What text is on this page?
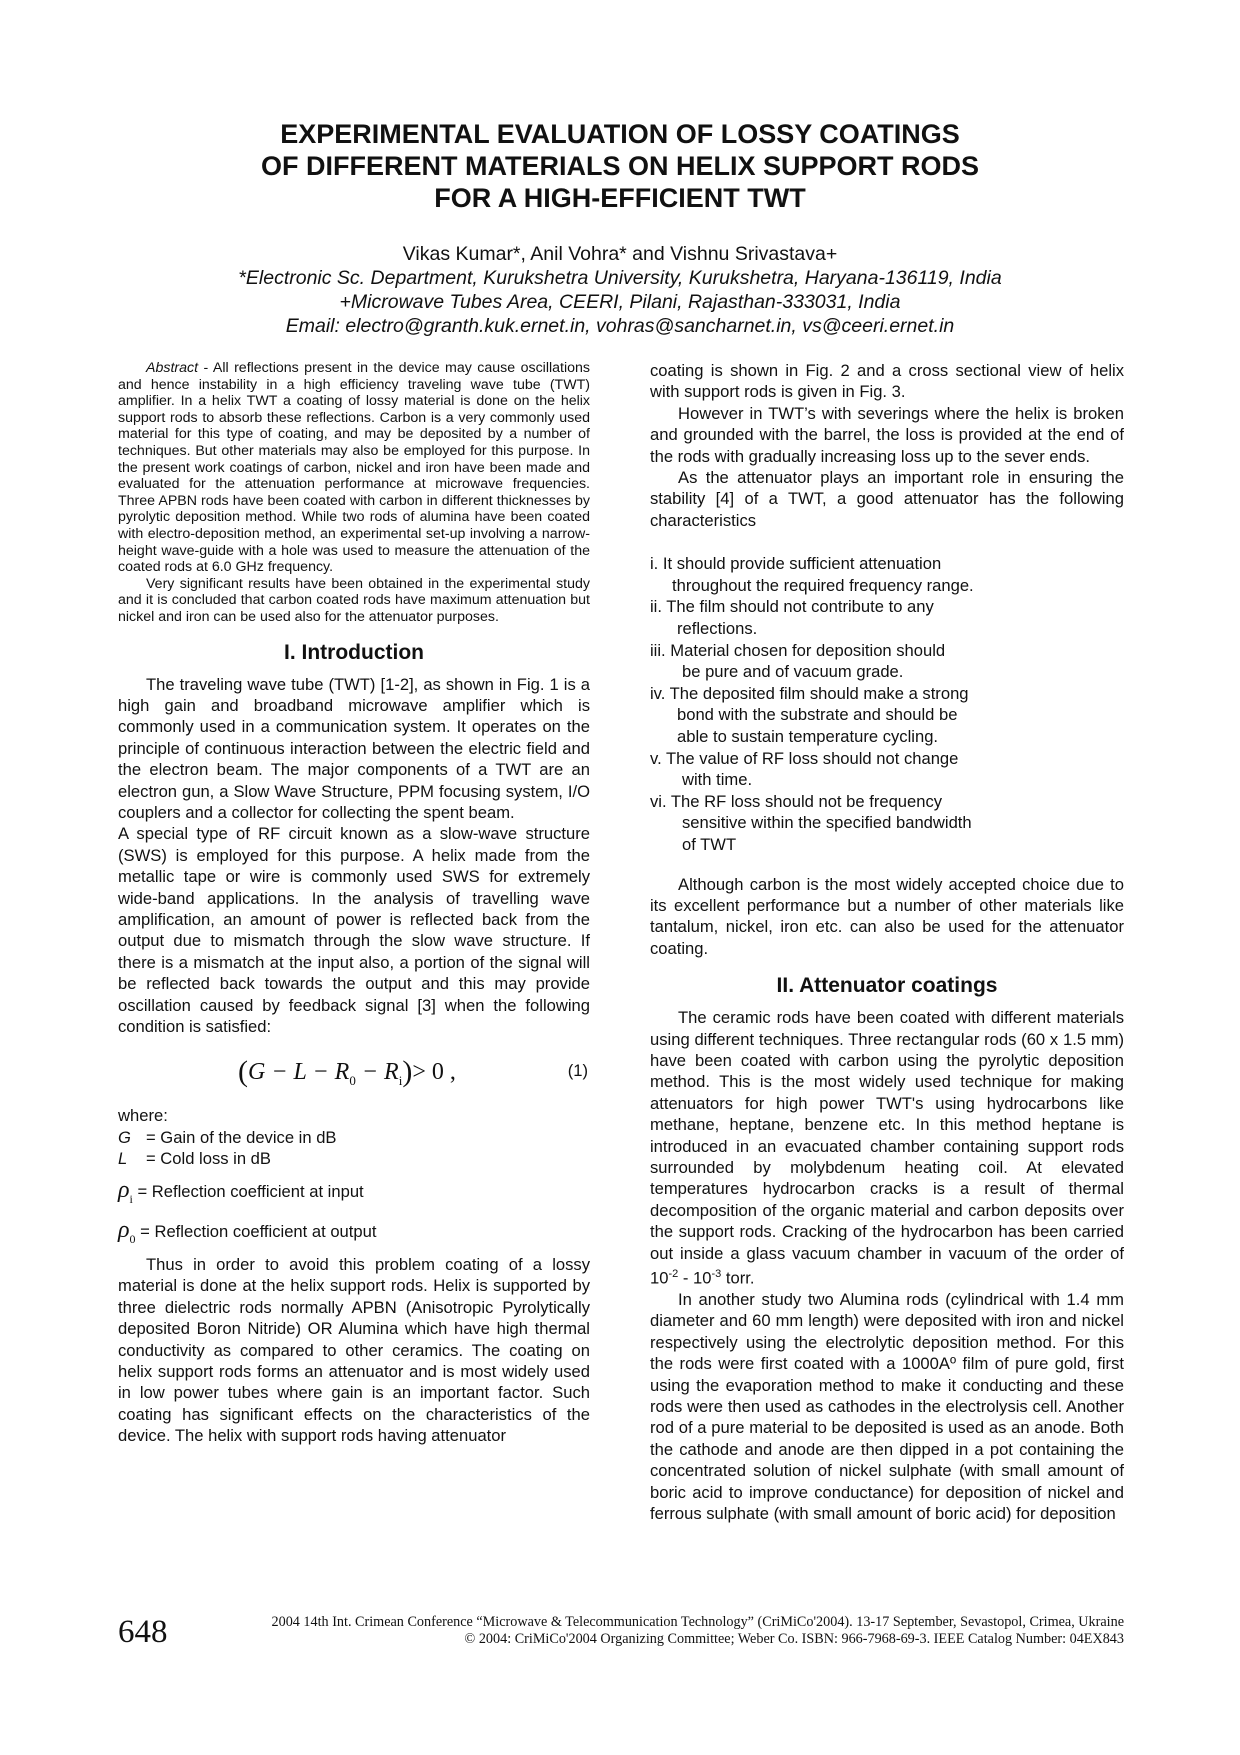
EXPERIMENTAL EVALUATION OF LOSSY COATINGS
OF DIFFERENT MATERIALS ON HELIX SUPPORT RODS
FOR A HIGH-EFFICIENT TWT
Vikas Kumar*, Anil Vohra* and Vishnu Srivastava+
*Electronic Sc. Department, Kurukshetra University, Kurukshetra, Haryana-136119, India
+Microwave Tubes Area, CEERI, Pilani, Rajasthan-333031, India
Email: electro@granth.kuk.ernet.in, vohras@sancharnet.in, vs@ceeri.ernet.in

Abstract - All reflections present in the device may cause oscillations and hence instability in a high efficiency traveling wave tube (TWT) amplifier. In a helix TWT a coating of lossy material is done on the helix support rods to absorb these reflections. Carbon is a very commonly used material for this type of coating, and may be deposited by a number of techniques. But other materials may also be employed for this purpose. In the present work coatings of carbon, nickel and iron have been made and evaluated for the attenuation performance at microwave frequencies. Three APBN rods have been coated with carbon in different thicknesses by pyrolytic deposition method. While two rods of alumina have been coated with electro-deposition method, an experimental set-up involving a narrow-height wave-guide with a hole was used to measure the attenuation of the coated rods at 6.0 GHz frequency.

Very significant results have been obtained in the experimental study and it is concluded that carbon coated rods have maximum attenuation but nickel and iron can be used also for the attenuator purposes.

I. Introduction

The traveling wave tube (TWT) [1-2], as shown in Fig. 1 is a high gain and broadband microwave amplifier which is commonly used in a communication system. It operates on the principle of continuous interaction between the electric field and the electron beam. The major components of a TWT are an electron gun, a Slow Wave Structure, PPM focusing system, I/O couplers and a collector for collecting the spent beam.

A special type of RF circuit known as a slow-wave structure (SWS) is employed for this purpose. A helix made from the metallic tape or wire is commonly used SWS for extremely wide-band applications. In the analysis of travelling wave amplification, an amount of power is reflected back from the output due to mismatch through the slow wave structure. If there is a mismatch at the input also, a portion of the signal will be reflected back towards the output and this may provide oscillation caused by feedback signal [3] when the following condition is satisfied:

$(G - L - R_0 - R_i)> 0$ ,	(1)
where:
G = Gain of the device in dB
L = Cold loss in dB
$\rho_i$ = Reflection coefficient at input
$\rho_0$ = Reflection coefficient at output

Thus in order to avoid this problem coating of a lossy material is done at the helix support rods. Helix is supported by three dielectric rods normally APBN (Anisotropic Pyrolytically deposited Boron Nitride) OR Alumina which have high thermal conductivity as compared to other ceramics. The coating on helix support rods forms an attenuator and is most widely used in low power tubes where gain is an important factor. Such coating has significant effects on the characteristics of the device. The helix with support rods having attenuator

coating is shown in Fig. 2 and a cross sectional view of helix with support rods is given in Fig. 3.

However in TWT’s with severings where the helix is broken and grounded with the barrel, the loss is provided at the end of the rods with gradually increasing loss up to the sever ends.

As the attenuator plays an important role in ensuring the stability [4] of a TWT, a good attenuator has the following characteristics

i. It should provide sufficient attenuation
throughout the required frequency range.
ii. The film should not contribute to any
reflections.
iii. Material chosen for deposition should
be pure and of vacuum grade.
iv. The deposited film should make a strong
bond with the substrate and should be
able to sustain temperature cycling.
v. The value of RF loss should not change
with time.
vi. The RF loss should not be frequency
sensitive within the specified bandwidth
of TWT

Although carbon is the most widely accepted choice due to its excellent performance but a number of other materials like tantalum, nickel, iron etc. can also be used for the attenuator coating.

II. Attenuator coatings

The ceramic rods have been coated with different materials using different techniques. Three rectangular rods (60 x 1.5 mm) have been coated with carbon using the pyrolytic deposition method. This is the most widely used technique for making attenuators for high power TWT's using hydrocarbons like methane, heptane, benzene etc. In this method heptane is introduced in an evacuated chamber containing support rods surrounded by molybdenum heating coil. At elevated temperatures hydrocarbon cracks is a result of thermal decomposition of the organic material and carbon deposits over the support rods. Cracking of the hydrocarbon has been carried out inside a glass vacuum chamber in vacuum of the order of $10^{-2} - 10^{-3}$ torr.

In another study two Alumina rods (cylindrical with 1.4 mm diameter and 60 mm length) were deposited with iron and nickel respectively using the electrolytic deposition method. For this the rods were first coated with a 1000Aº film of pure gold, first using the evaporation method to make it conducting and these rods were then used as cathodes in the electrolysis cell. Another rod of a pure material to be deposited is used as an anode. Both the cathode and anode are then dipped in a pot containing the concentrated solution of nickel sulphate (with small amount of boric acid to improve conductance) for deposition of nickel and ferrous sulphate (with small amount of boric acid) for deposition

648	2004 14th Int. Crimean Conference “Microwave & Telecommunication Technology” (CriMiCo'2004). 13-17 September, Sevastopol, Crimea, Ukraine
© 2004: CriMiCo'2004 Organizing Committee; Weber Co. ISBN: 966-7968-69-3. IEEE Catalog Number: 04EX843
